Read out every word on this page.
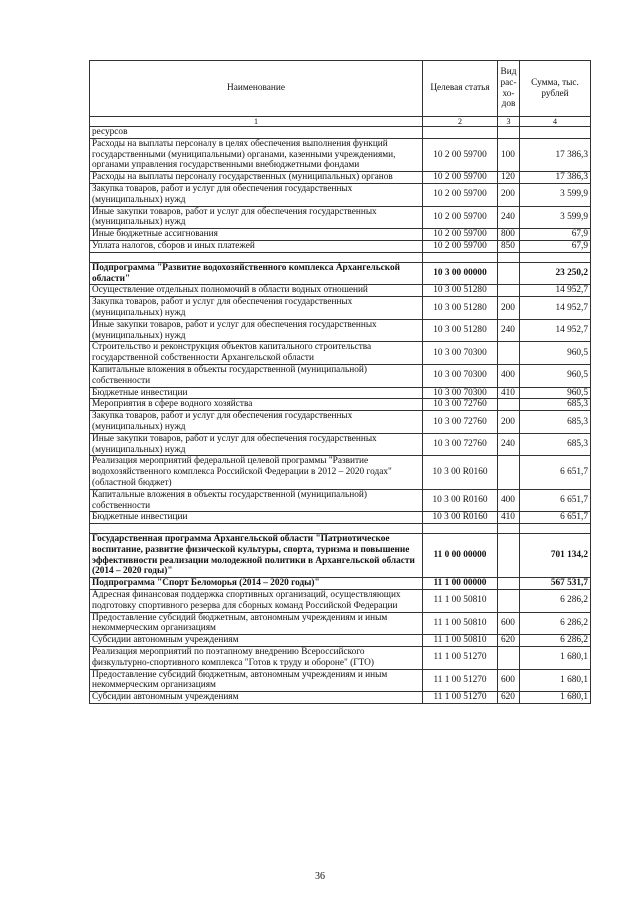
Наименование	Целевая статья	Вид рас-хо-дов	Сумма, тыс. рублей
1	2	3	4
ресурсов			
Расходы на выплаты персоналу в целях обеспечения выполнения функций государственными (муниципальными) органами, казенными учреждениями, органами управления государственными внебюджетными фондами	10 2 00 59700	100	17 386,3
Расходы на выплаты персоналу государственных (муниципальных) органов	10 2 00 59700	120	17 386,3
Закупка товаров, работ и услуг для обеспечения государственных (муниципальных) нужд	10 2 00 59700	200	3 599,9
Иные закупки товаров, работ и услуг для обеспечения государственных (муниципальных) нужд	10 2 00 59700	240	3 599,9
Иные бюджетные ассигнования	10 2 00 59700	800	67,9
Уплата налогов, сборов и иных платежей	10 2 00 59700	850	67,9

Подпрограмма "Развитие водохозяйственного комплекса Архангельской области"	10 3 00 00000		23 250,2
Осуществление отдельных полномочий в области водных отношений	10 3 00 51280		14 952,7
Закупка товаров, работ и услуг для обеспечения государственных (муниципальных) нужд	10 3 00 51280	200	14 952,7
Иные закупки товаров, работ и услуг для обеспечения государственных (муниципальных) нужд	10 3 00 51280	240	14 952,7
Строительство и реконструкция объектов капитального строительства государственной собственности Архангельской области	10 3 00 70300		960,5
Капитальные вложения в объекты государственной (муниципальной) собственности	10 3 00 70300	400	960,5
Бюджетные инвестиции	10 3 00 70300	410	960,5
Мероприятия в сфере водного хозяйства	10 3 00 72760		685,3
Закупка товаров, работ и услуг для обеспечения государственных (муниципальных) нужд	10 3 00 72760	200	685,3
Иные закупки товаров, работ и услуг для обеспечения государственных (муниципальных) нужд	10 3 00 72760	240	685,3
Реализация мероприятий федеральной целевой программы "Развитие водохозяйственного комплекса Российской Федерации в 2012 – 2020 годах" (областной бюджет)	10 3 00 R0160		6 651,7
Капитальные вложения в объекты государственной (муниципальной) собственности	10 3 00 R0160	400	6 651,7
Бюджетные инвестиции	10 3 00 R0160	410	6 651,7

Государственная программа Архангельской области "Патриотическое воспитание, развитие физической культуры, спорта, туризма и повышение эффективности реализации молодежной политики в Архангельской области (2014 – 2020 годы)"	11 0 00 00000		701 134,2
Подпрограмма "Спорт Беломорья (2014 – 2020 годы)"	11 1 00 00000		567 531,7
Адресная финансовая поддержка спортивных организаций, осуществляющих подготовку спортивного резерва для сборных команд Российской Федерации	11 1 00 50810		6 286,2
Предоставление субсидий бюджетным, автономным учреждениям и иным некоммерческим организациям	11 1 00 50810	600	6 286,2
Субсидии автономным учреждениям	11 1 00 50810	620	6 286,2
Реализация мероприятий по поэтапному внедрению Всероссийского физкультурно-спортивного комплекса "Готов к труду и обороне" (ГТО)	11 1 00 51270		1 680,1
Предоставление субсидий бюджетным, автономным учреждениям и иным некоммерческим организациям	11 1 00 51270	600	1 680,1
Субсидии автономным учреждениям	11 1 00 51270	620	1 680,1
36
